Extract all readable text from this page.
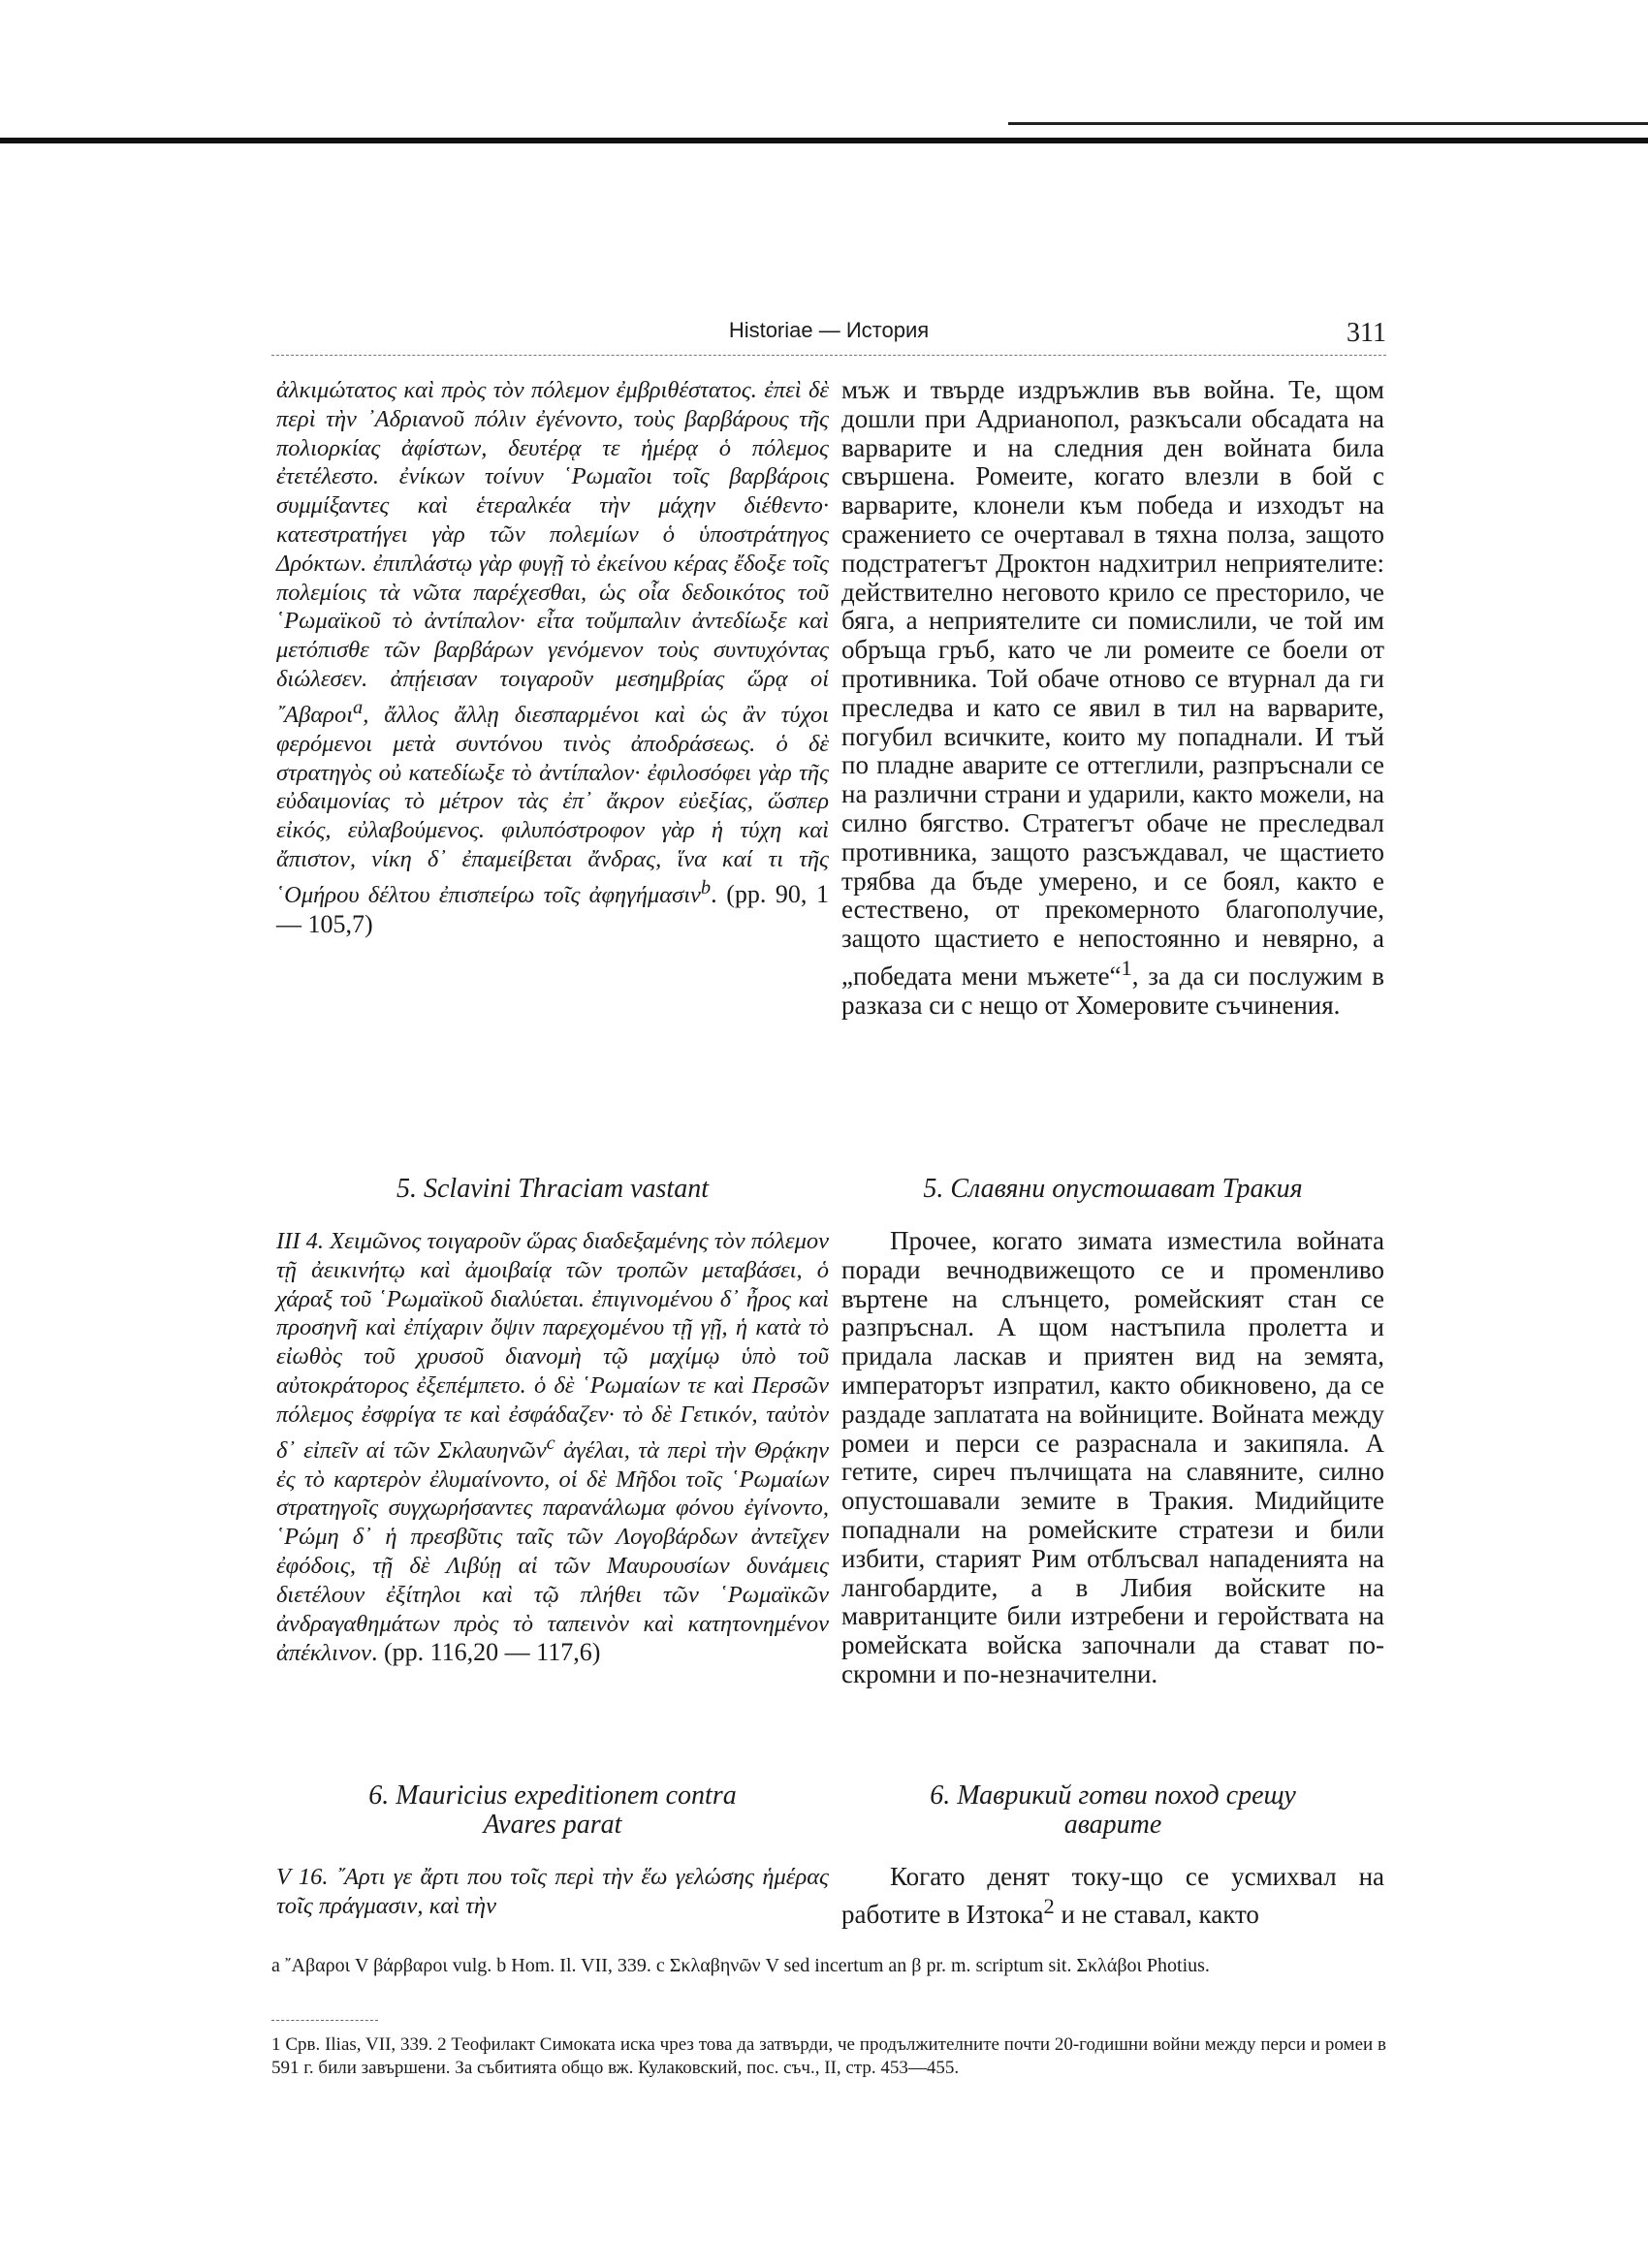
Historiae — История	311
ἀλκιμώτατος καὶ πρὸς τὸν πόλεμον ἐμβριθέστατος. ἐπεὶ δὲ περὶ τὴν ᾿Αδριανοῦ πόλιν ἐγένοντο, τοὺς βαρβάρους τῆς πολιορκίας ἀφίστων, δευτέρᾳ τε ἡμέρᾳ ὁ πόλεμος ἐτετέλεστο. ἐνίκων τοίνυν ῾Ρωμαῖοι τοῖς βαρβάροις συμμίξαντες καὶ ἑτεραλκέα τὴν μάχην διέθεντο· κατεστρατήγει γὰρ τῶν πολεμίων ὁ ὑποστράτηγος Δρόκτων. ἐπιπλάστῳ γὰρ φυγῇ τὸ ἐκείνου κέρας ἔδοξε τοῖς πολεμίοις τὰ νῶτα παρέχεσθαι, ὡς οἷα δεδοικότος τοῦ ῾Ρωμαϊκοῦ τὸ ἀντίπαλον· εἶτα τοὔμπαλιν ἀντεδίωξε καὶ μετόπισθε τῶν βαρβάρων γενόμενον τοὺς συντυχόντας διώλεσεν. ἀπῄεισαν τοιγαροῦν μεσημβρίας ὥρᾳ οἱ ῎Αβαροι$^a$, ἄλλος ἄλλῃ διεσπαρμένοι καὶ ὡς ἂν τύχοι φερόμενοι μετὰ συντόνου τινὸς ἀποδράσεως. ὁ δὲ στρατηγὸς οὐ κατεδίωξε τὸ ἀντίπαλον· ἐφιλοσόφει γὰρ τῆς εὐδαιμονίας τὸ μέτρον τὰς ἐπ᾿ ἄκρον εὐεξίας, ὥσπερ εἰκός, εὐλαβούμενος. φιλυπόστροφον γὰρ ἡ τύχη καὶ ἄπιστον, νίκη δ᾿ ἐπαμείβεται ἄνδρας, ἵνα καί τι τῆς ῾Ομήρου δέλτου ἐπισπείρω τοῖς ἀφηγήμασιν$^b$. (pp. 90, 1 — 105,7)
мъж и твърде издръжлив във война. Те, щом дошли при Адрианопол, разкъсали обсадата на варварите и на следния ден войната била свършена. Ромеите, когато влезли в бой с варварите, клонели към победа и изходът на сражението се очертавал в тяхна полза, защото подстратегът Дроктон надхитрил неприятелите: действително неговото крило се престорило, че бяга, а неприятелите си помислили, че той им обръща гръб, като че ли ромеите се боели от противника. Той обаче отново се втурнал да ги преследва и като се явил в тил на варварите, погубил всичките, които му попаднали. И тъй по пладне аварите се оттеглили, разпръснали се на различни страни и ударили, както можели, на силно бягство. Стратегът обаче не преследвал противника, защото разсъждавал, че щастието трябва да бъде умерено, и се боял, както е естествено, от прекомерното благополучие, защото щастието е непостоянно и невярно, а „победата мени мъжете“$^1$, за да си послужим в разказа си с нещо от Хомеровите съчинения.
5. Sclavini Thraciam vastant	5. Славяни опустошават Тракия
III 4. Χειμῶνος τοιγαροῦν ὥρας διαδεξαμένης τὸν πόλεμον τῇ ἀεικινήτῳ καὶ ἀμοιβαίᾳ τῶν τροπῶν μεταβάσει, ὁ χάραξ τοῦ ῾Ρωμαϊκοῦ διαλύεται. ἐπιγινομένου δ᾿ ἦρος καὶ προσηνῆ καὶ ἐπίχαριν ὄψιν παρεχομένου τῇ γῇ, ἡ κατὰ τὸ εἰωθὸς τοῦ χρυσοῦ διανομὴ τῷ μαχίμῳ ὑπὸ τοῦ αὐτοκράτορος ἐξεπέμπετο. ὁ δὲ ῾Ρωμαίων τε καὶ Περσῶν πόλεμος ἐσφρίγα τε καὶ ἐσφάδαζεν· τὸ δὲ Γετικόν, ταὐτὸν δ᾿ εἰπεῖν αἱ τῶν Σκλαυηνῶν$^c$ ἀγέλαι, τὰ περὶ τὴν Θρᾴκην ἐς τὸ καρτερὸν ἐλυμαίνοντο, οἱ δὲ Μῆδοι τοῖς ῾Ρωμαίων στρατηγοῖς συγχωρήσαντες παρανάλωμα φόνου ἐγίνοντο, ῾Ρώμη δ᾿ ἡ πρεσβῦτις ταῖς τῶν Λογοβάρδων ἀντεῖχεν ἐφόδοις, τῇ δὲ Λιβύῃ αἱ τῶν Μαυρουσίων δυνάμεις διετέλουν ἐξίτηλοι καὶ τῷ πλήθει τῶν ῾Ρωμαϊκῶν ἀνδραγαθημάτων πρὸς τὸ ταπεινὸν καὶ κατητονημένον ἀπέκλινον. (pp. 116,20 — 117,6)
Прочее, когато зимата изместила войната поради вечнодвижещото се и променливо въртене на слънцето, ромейският стан се разпръснал. А щом настъпила пролетта и придала ласкав и приятен вид на земята, императорът изпратил, както обикновено, да се раздаде заплатата на войниците. Войната между ромеи и перси се разраснала и закипяла. А гетите, сиреч пълчищата на славяните, силно опустошавали земите в Тракия. Мидийците попаднали на ромейските стратези и били избити, старият Рим отблъсвал нападенията на лангобардите, а в Либия войските на мавританците били изтребени и геройствата на ромейската войска започнали да стават по-скромни и по-незначителни.
6. Mauricius expeditionem contra
Avares parat
6. Маврикий готви поход срещу
аварите
V 16. ῎Αρτι γε ἄρτι που τοῖς περὶ τὴν ἕω γελώσης ἡμέρας τοῖς πράγμασιν, καὶ τὴν
Когато денят току-що се усмихвал на работите в Изтока$^2$ и не ставал, както
a ῎Αβαροι V βάρβαροι vulg. b Hom. Il. VII, 339. c Σκλαβηνῶν V sed incertum an β pr. m. scriptum sit. Σκλάβοι Photius.
1 Срв. Ilias, VII, 339. 2 Теофилакт Симоката иска чрез това да затвърди, че продължителните почти 20-годишни войни между перси и ромеи в 591 г. били завършени. За събитията общо вж. Кулаковский, пос. съч., II, стр. 453—455.
